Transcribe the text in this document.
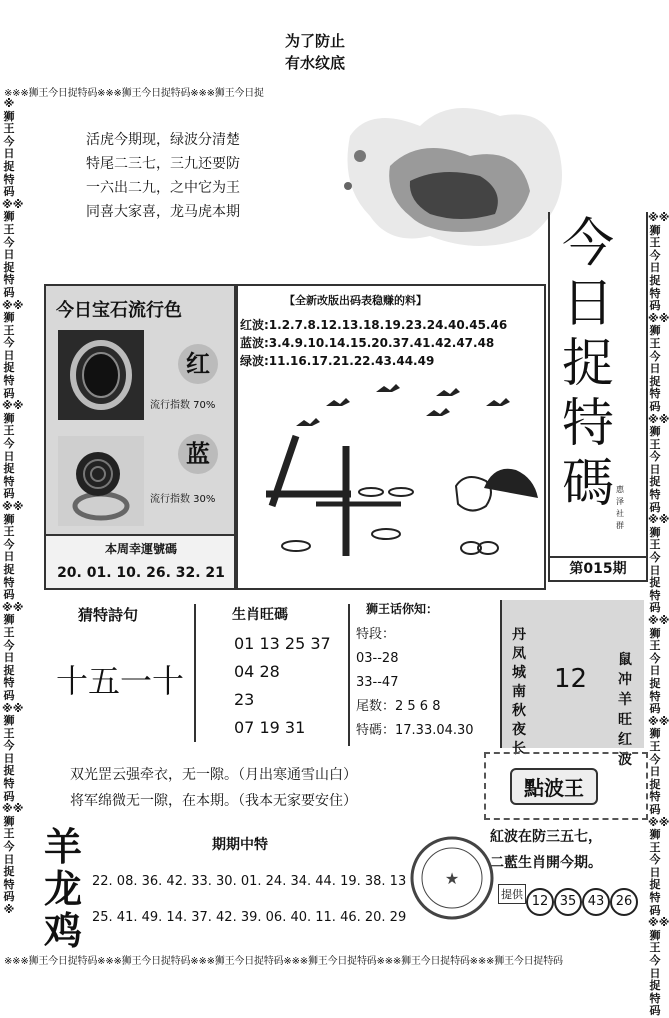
为了防止
有水纹底
※※※狮王今日捉特码※※※狮王今日捉特码※※※狮王今日捉
※狮王今日捉特码※※狮王今日捉特码※※狮王今日捉特码※※狮王今日捉特码※※狮王今日捉特码※※狮王今日捉特码※※狮王今日捉特码※※狮王今日捉特码※
※※狮王今日捉特码※※狮王今日捉特码※※狮王今日捉特码※※狮王今日捉特码※※狮王今日捉特码※※狮王今日捉特码※※狮王今日捉特码※※狮王今日捉特码

活虎今期现，绿波分清楚

特尾二三七，三九还要防

一六出二九，之中它为王

同喜大家喜，龙马虎本期

今
日
捉
特
碼 惠
泽
社
群
第015期
今日宝石流行色
红
流行指数 70%
蓝
流行指数 30%
本周幸運號碼
20. 01. 10. 26. 32. 21
【全新改版出码表稳赚的料】

红波:1.2.7.8.12.13.18.19.23.24.40.45.46

蓝波:3.4.9.10.14.15.20.37.41.42.47.48

绿波:11.16.17.21.22.43.44.49

猜特詩句
十五一十
生肖旺碼
01 13 25 37
04 28
23
07 19 31
狮王话你知：
特段：
03--28
33--47
尾数：2 5 6 8
特碼：17.33.04.30
丹
凤
城
南
秋
夜
长
12
鼠
冲
羊
旺
红
波
双光罡云强牵衣，无一隙。（月出寒通雪山白）
将军绵微无一隙，在本期。（我本无家要安住）
點波王
紅波在防三五七，
二藍生肖開今期。
★
提供 12 35 43 26
期期中特
羊
龙
鸡
22. 08. 36. 42. 33. 30. 01. 24. 34. 44. 19. 38. 13
25. 41. 49. 14. 37. 42. 39. 06. 40. 11. 46. 20. 29
※※※狮王今日捉特码※※※狮王今日捉特码※※※狮王今日捉特码※※※狮王今日捉特码※※※狮王今日捉特码※※※狮王今日捉特码
